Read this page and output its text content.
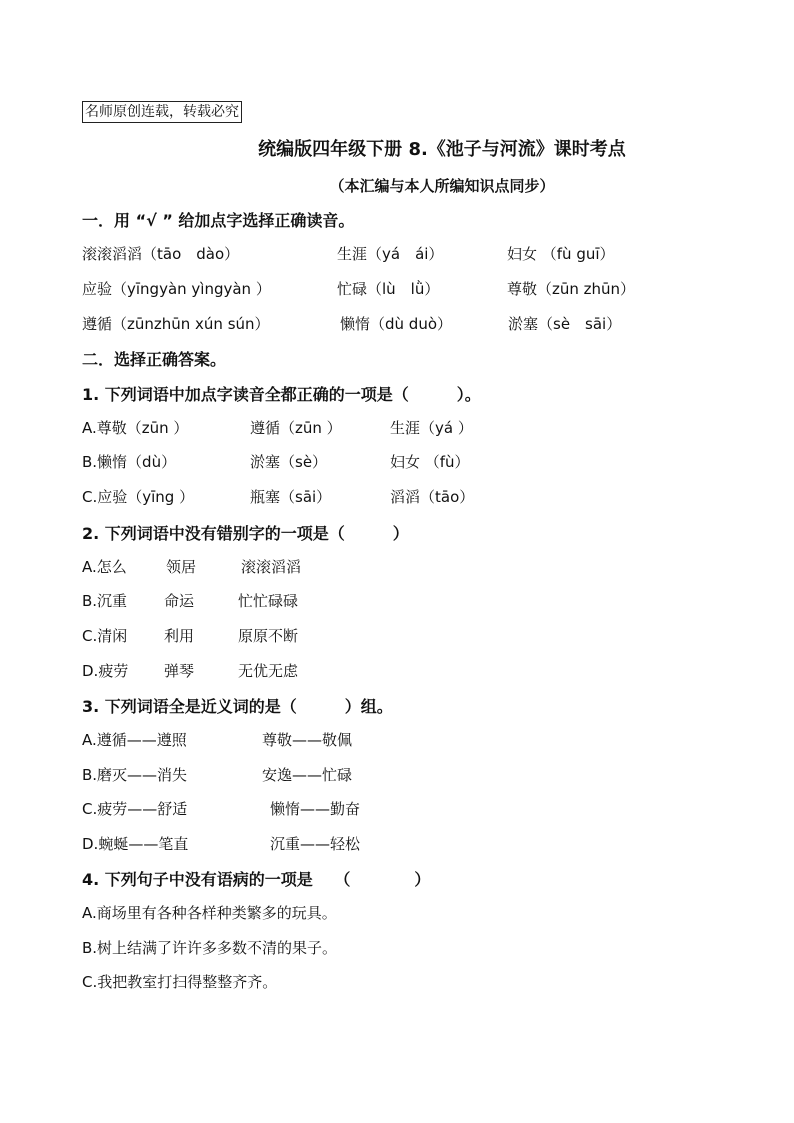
名师原创连载，转载必究
统编版四年级下册 8.《池子与河流》课时考点
（本汇编与本人所编知识点同步）
一．用 “√ ” 给加点字选择正确读音。
滚滚滔滔（tāo　dào）	生涯（yá　ái）	妇女 （fù guī）
应验（yīngyàn yìngyàn ）	忙碌（lù　lǜ）	尊敬（zūn zhūn）
遵循（zūnzhūn xún sún）	懒惰（dù duò）	淤塞（sè　sāi）
二．选择正确答案。
1. 下列词语中加点字读音全都正确的一项是（　　　）。
A.尊敬（zūn ）	遵循（zūn ）	生涯（yá ）
B.懒惰（dù）	淤塞（sè）	妇女 （fù）
C.应验（yīng ）	瓶塞（sāi）	滔滔（tāo）
2. 下列词语中没有错别字的一项是（　　　）
A.怎么	领居	滚滚滔滔
B.沉重 命运	忙忙碌碌
C.清闲 利用	原原不断
D.疲劳 弹琴	无优无虑
3. 下列词语全是近义词的是（　　　）组。
A.遵循——遵照	尊敬——敬佩
B.磨灭——消失	安逸——忙碌
C.疲劳——舒适	懒惰——勤奋
D.蜿蜒——笔直	沉重——轻松
4. 下列句子中没有语病的一项是　 （　　　　）
A.商场里有各种各样种类繁多的玩具。
B.树上结满了许许多多数不清的果子。
C.我把教室打扫得整整齐齐。
